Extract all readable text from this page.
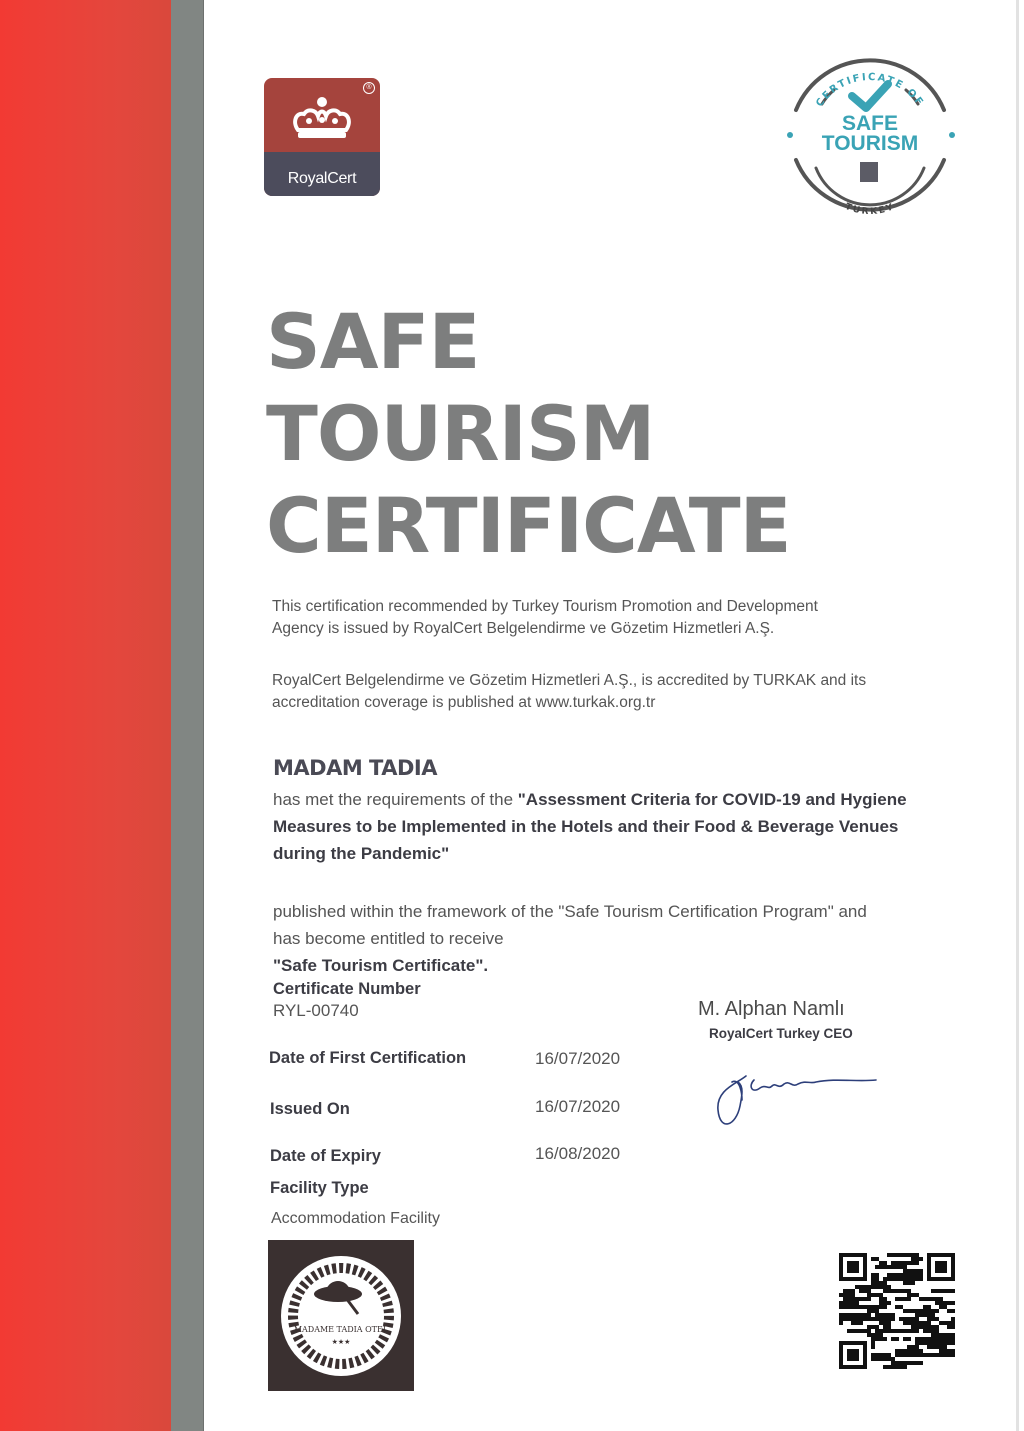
®
RoyalCert
CERTIFICATE OF
TURKEY
SAFE
TOURISM
SAFE
TOURISM
CERTIFICATE
This certification recommended by Turkey Tourism Promotion and Development Agency is issued by RoyalCert Belgelendirme ve Gözetim Hizmetleri A.Ş.
RoyalCert Belgelendirme ve Gözetim Hizmetleri A.Ş., is accredited by TURKAK and its accreditation coverage is published at www.turkak.org.tr
MADAM TADIA
has met the requirements of the "Assessment Criteria for COVID-19 and Hygiene Measures to be Implemented in the Hotels and their Food & Beverage Venues during the Pandemic"
published within the framework of the "Safe Tourism Certification Program" and has become entitled to receive
"Safe Tourism Certificate".
Certificate Number
RYL-00740
Date of First Certification	16/07/2020
Issued On	16/07/2020
Date of Expiry	16/08/2020
Facility Type
Accommodation Facility
M. Alphan Namlı
RoyalCert Turkey CEO
MADAME TADIA OTEL
★★★
